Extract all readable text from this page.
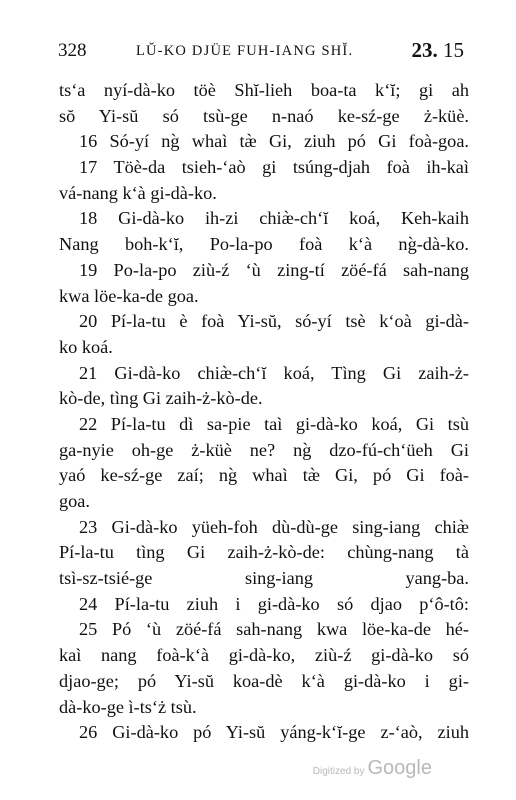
328	LŬ-KO DJÜE FUH-IANG SHĬ.	23. 15
ts‘a nyí-dà-ko töè Shĭ-lieh boa-ta k‘ĭ; gi ah
sŏ Yi-sŭ só tsù-ge n-naó ke-sź-ge ż-küè.
16 Só-yí ng̀ whaì tæ̀ Gi, ziuh pó Gi foà-goa.
17 Töè-da tsieh-‘aò gi tsúng-djah foà ih-kaì
vá-nang k‘à gi-dà-ko.
18 Gi-dà-ko ih-zi chiæ̀-ch‘ĭ koá, Keh-kaih
Nang boh-k‘ĭ, Po-la-po foà k‘à ng̀-dà-ko.
19 Po-la-po ziù-ź ‘ù zing-tí zöé-fá sah-nang
kwa löe-ka-de goa.
20 Pí-la-tu è foà Yi-sŭ, só-yí tsè k‘oà gi-dà-
ko koá.
21 Gi-dà-ko chiæ̀-ch‘ĭ koá, Tìng Gi zaih-ż-
kò-de, tìng Gi zaih-ż-kò-de.
22 Pí-la-tu dì sa-pie taì gi-dà-ko koá, Gi tsù
ga-nyie oh-ge ż-küè ne? ng̀ dzo-fú-ch‘üeh Gi
yaó ke-sź-ge zaí; ng̀ whaì tæ̀ Gi, pó Gi foà-
goa.
23 Gi-dà-ko yüeh-foh dù-dù-ge sing-iang chiæ̀
Pí-la-tu tìng Gi zaih-ż-kò-de: chùng-nang tà
tsì-sz-tsié-ge sing-iang yang-ba.
24 Pí-la-tu ziuh i gi-dà-ko só djao p‘ô-tô:
25 Pó ‘ù zöé-fá sah-nang kwa löe-ka-de hé-
kaì nang foà-k‘à gi-dà-ko, ziù-ź gi-dà-ko só
djao-ge; pó Yi-sŭ koa-dè k‘à gi-dà-ko i gi-
dà-ko-ge ì-ts‘ż tsù.
26 Gi-dà-ko pó Yi-sŭ yáng-k‘ĭ-ge z-‘aò, ziuh
Digitized by Google
